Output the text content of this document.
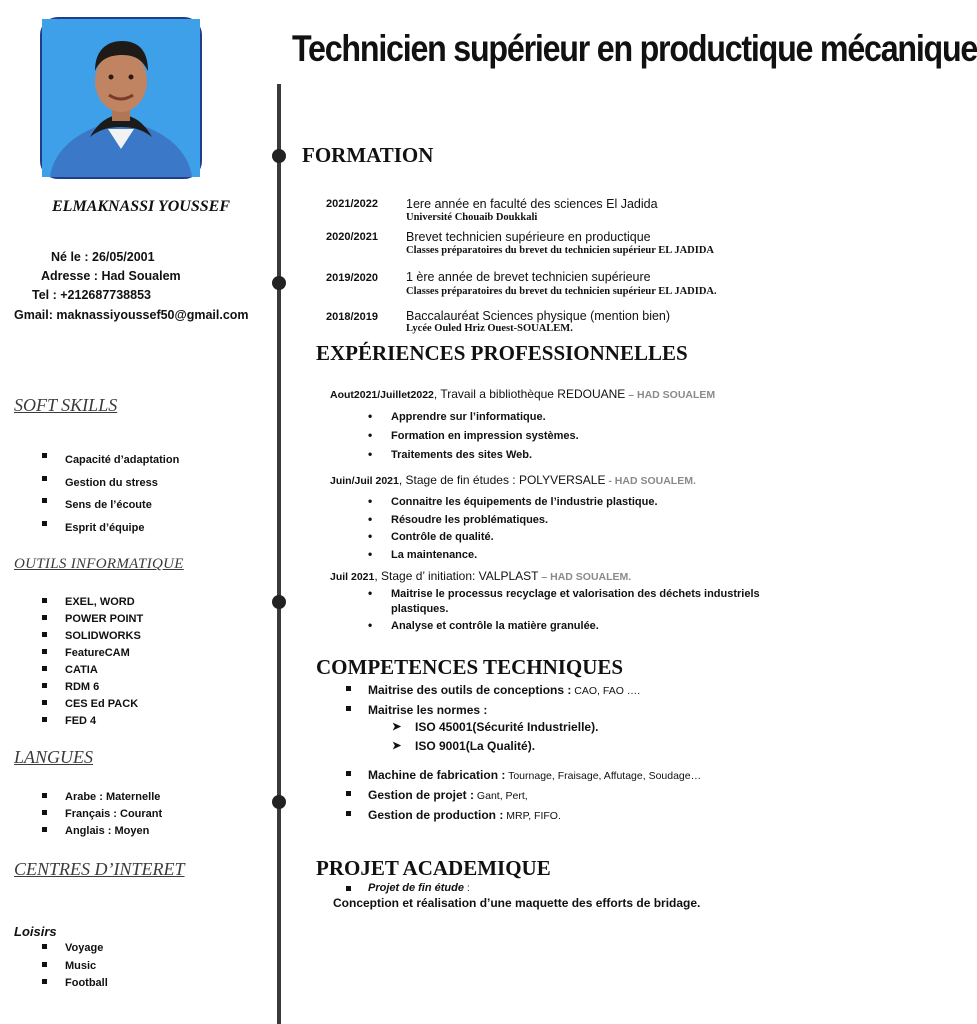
Technicien supérieur en productique mécanique
ELMAKNASSI YOUSSEF
Né le : 26/05/2001
Adresse : Had Soualem
Tel : +212687738853
Gmail: maknassiyoussef50@gmail.com
SOFT SKILLS
Capacité d’adaptation
Gestion du stress
Sens de l’écoute
Esprit d’équipe
OUTILS INFORMATIQUE
EXEL, WORD
POWER POINT
SOLIDWORKS
FeatureCAM
CATIA
RDM 6
CES Ed PACK
FED 4
LANGUES
Arabe : Maternelle
Français : Courant
Anglais : Moyen
CENTRES D’INTERET
Loisirs
Voyage
Music
Football
FORMATION
2021/2022 1ere année en faculté des sciences El Jadida
Université Chouaib Doukkali
2020/2021 Brevet technicien supérieure en productique
Classes préparatoires du brevet du technicien supérieur EL JADIDA
2019/2020 1 ère année de brevet technicien supérieure
Classes préparatoires du brevet du technicien supérieur EL JADIDA.
2018/2019 Baccalauréat Sciences physique (mention bien)
Lycée Ouled Hriz Ouest-SOUALEM.
EXPÉRIENCES PROFESSIONNELLES
Aout2021/Juillet2022, Travail a bibliothèque REDOUANE – HAD SOUALEM
• Apprendre sur l’informatique.
• Formation en impression systèmes.
• Traitements des sites Web.
Juin/Juil 2021, Stage de fin études : POLYVERSALE - HAD SOUALEM.
• Connaitre les équipements de l’industrie plastique.
• Résoudre les problématiques.
• Contrôle de qualité.
• La maintenance.
Juil 2021, Stage d’ initiation: VALPLAST – HAD SOUALEM.
• Maitrise le processus recyclage et valorisation des déchets industriels plastiques.
• Analyse et contrôle la matière granulée.
COMPETENCES TECHNIQUES
Maitrise des outils de conceptions : CAO, FAO ….
Maitrise les normes :
➤ ISO 45001(Sécurité Industrielle).
➤ ISO 9001(La Qualité).
Machine de fabrication : Tournage, Fraisage, Affutage, Soudage…
Gestion de projet : Gant, Pert,
Gestion de production : MRP, FIFO.
PROJET ACADEMIQUE
Projet de fin étude :
Conception et réalisation d’une maquette des efforts de bridage.
